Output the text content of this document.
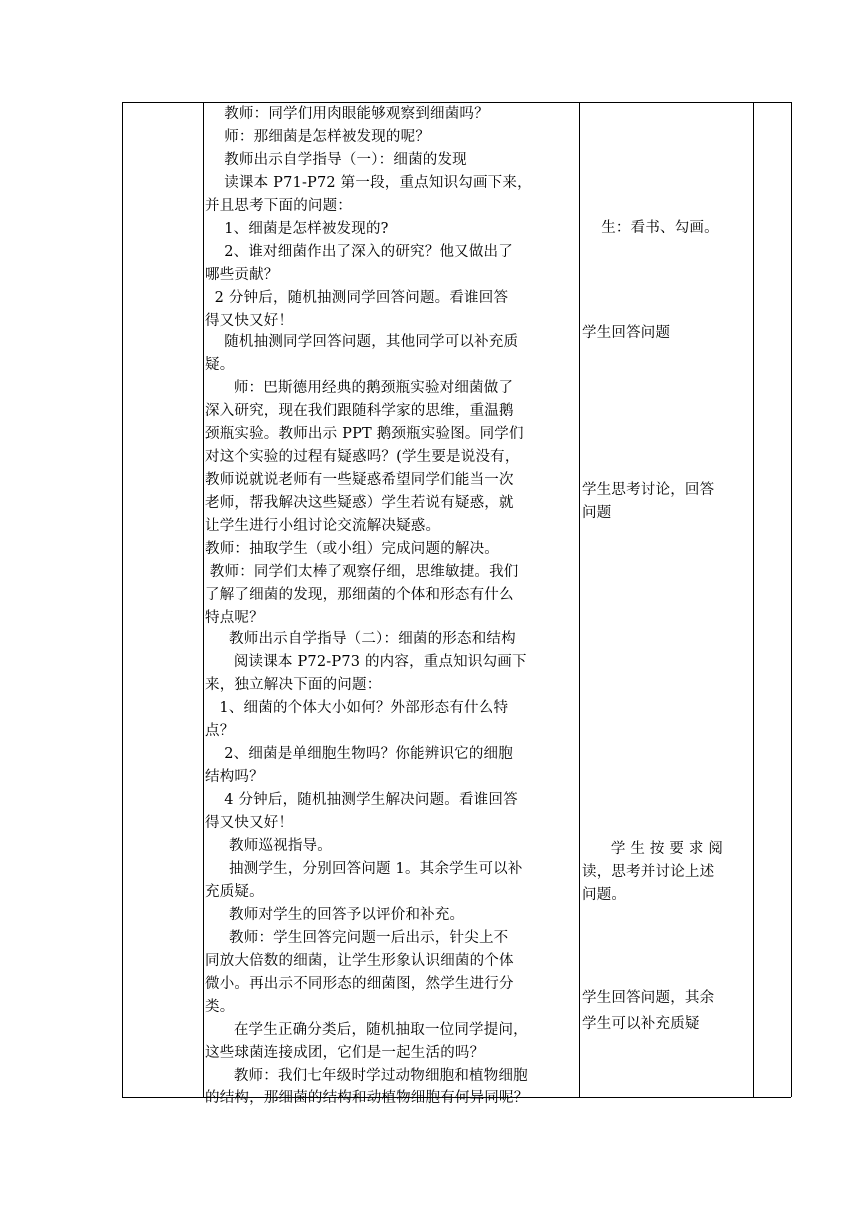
教师：同学们用肉眼能够观察到细菌吗？
师：那细菌是怎样被发现的呢？
教师出示自学指导（一）：细菌的发现
读课本 P71-P72 第一段，重点知识勾画下来，
并且思考下面的问题：
1、细菌是怎样被发现的?
2、谁对细菌作出了深入的研究？他又做出了
哪些贡献？
2 分钟后，随机抽测同学回答问题。看谁回答
得又快又好！
随机抽测同学回答问题，其他同学可以补充质
疑。
师：巴斯德用经典的鹅颈瓶实验对细菌做了
深入研究，现在我们跟随科学家的思维，重温鹅
颈瓶实验。教师出示 PPT 鹅颈瓶实验图。同学们
对这个实验的过程有疑惑吗？(学生要是说没有，
教师说就说老师有一些疑惑希望同学们能当一次
老师，帮我解决这些疑惑）学生若说有疑惑，就
让学生进行小组讨论交流解决疑惑。
教师：抽取学生（或小组）完成问题的解决。
教师：同学们太棒了观察仔细，思维敏捷。我们
了解了细菌的发现，那细菌的个体和形态有什么
特点呢？
教师出示自学指导（二）：细菌的形态和结构
阅读课本 P72-P73 的内容，重点知识勾画下
来，独立解决下面的问题：
1、细菌的个体大小如何？外部形态有什么特
点？
2、细菌是单细胞生物吗？你能辨识它的细胞
结构吗？
4 分钟后，随机抽测学生解决问题。看谁回答
得又快又好！
教师巡视指导。
抽测学生，分别回答问题 1。其余学生可以补
充质疑。
教师对学生的回答予以评价和补充。
教师：学生回答完问题一后出示，针尖上不
同放大倍数的细菌，让学生形象认识细菌的个体
微小。再出示不同形态的细菌图，然学生进行分
类。
在学生正确分类后，随机抽取一位同学提问，
这些球菌连接成团，它们是一起生活的吗？
教师：我们七年级时学过动物细胞和植物细胞
的结构，那细菌的结构和动植物细胞有何异同呢？
生：看书、勾画。
学生回答问题
学生思考讨论，回答
问题
学 生 按 要 求 阅
读，思考并讨论上述
问题。
学生回答问题，其余
学生可以补充质疑
